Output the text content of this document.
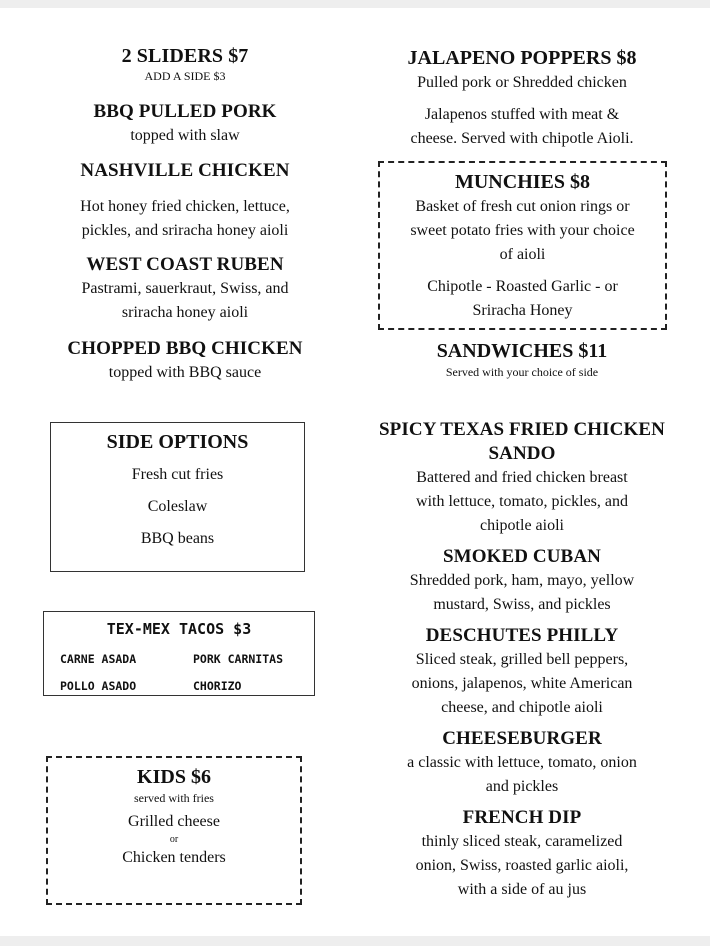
2 SLIDERS $7
ADD A SIDE $3
BBQ PULLED PORK
topped with slaw
NASHVILLE CHICKEN
Hot honey fried chicken, lettuce,
pickles, and sriracha honey aioli
WEST COAST RUBEN
Pastrami, sauerkraut, Swiss, and
sriracha honey aioli
CHOPPED BBQ CHICKEN
topped with BBQ sauce
SIDE OPTIONS
Fresh cut fries
Coleslaw
BBQ beans
TEX-MEX TACOS $3
CARNE ASADA	PORK CARNITAS
POLLO ASADO	CHORIZO
KIDS $6
served with fries
Grilled cheese
or
Chicken tenders
JALAPENO POPPERS $8
Pulled pork or Shredded chicken
Jalapenos stuffed with meat &
cheese. Served with chipotle Aioli.
MUNCHIES $8
Basket of fresh cut onion rings or
sweet potato fries with your choice
of aioli
Chipotle - Roasted Garlic - or
Sriracha Honey
SANDWICHES $11
Served with your choice of side
SPICY TEXAS FRIED CHICKEN
SANDO
Battered and fried chicken breast
with lettuce, tomato, pickles, and
chipotle aioli
SMOKED CUBAN
Shredded pork, ham, mayo, yellow
mustard, Swiss, and pickles
DESCHUTES PHILLY
Sliced steak, grilled bell peppers,
onions, jalapenos, white American
cheese, and chipotle aioli
CHEESEBURGER
a classic with lettuce, tomato, onion
and pickles
FRENCH DIP
thinly sliced steak, caramelized
onion, Swiss, roasted garlic aioli,
with a side of au jus
